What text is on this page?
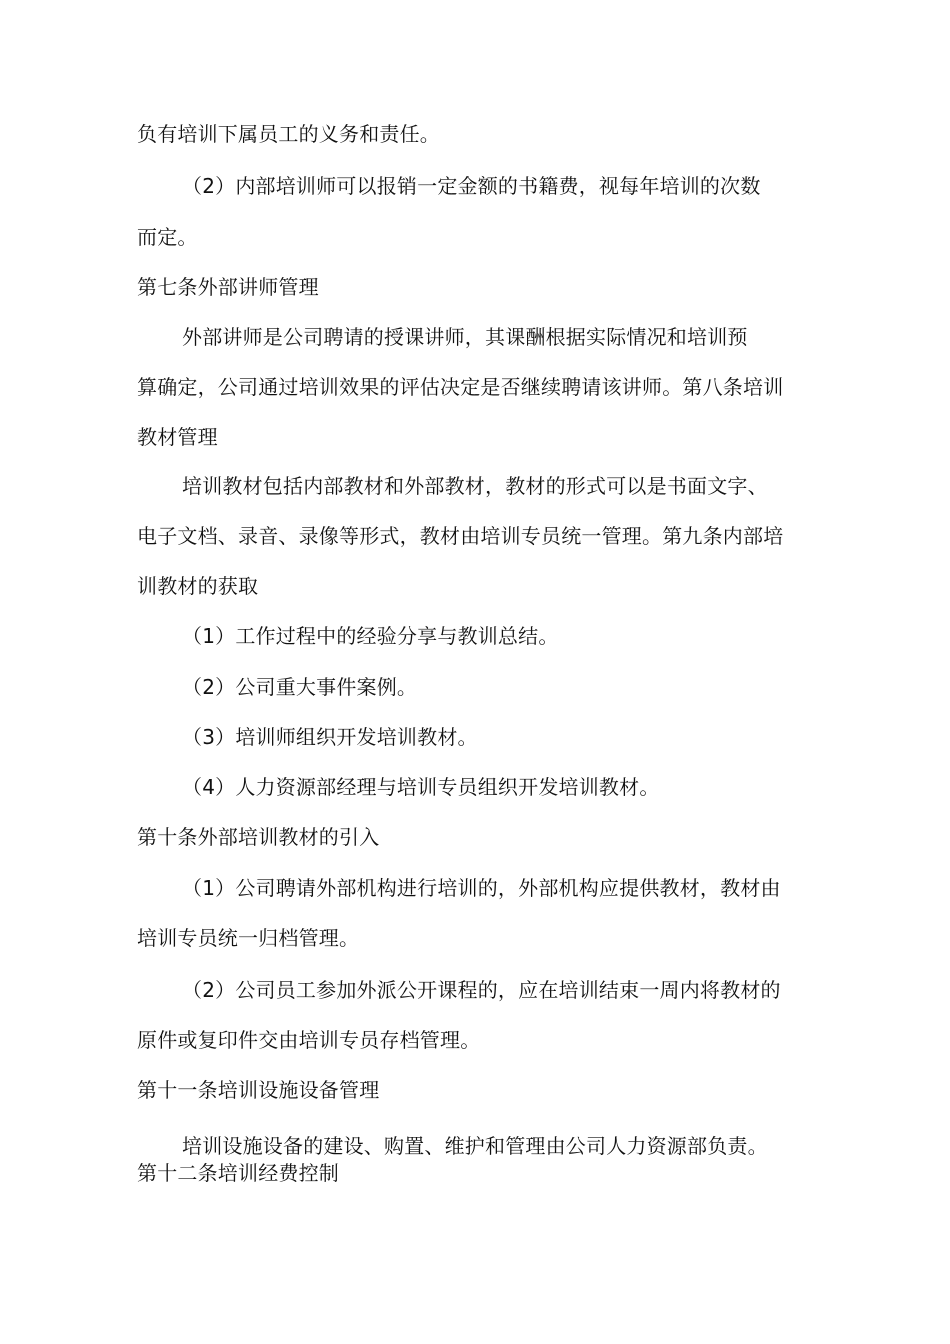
负有培训下属员工的义务和责任。
（2）内部培训师可以报销一定金额的书籍费，视每年培训的次数
而定。
第七条外部讲师管理
外部讲师是公司聘请的授课讲师，其课酬根据实际情况和培训预
算确定，公司通过培训效果的评估决定是否继续聘请该讲师。第八条培训
教材管理
培训教材包括内部教材和外部教材，教材的形式可以是书面文字、
电子文档、录音、录像等形式，教材由培训专员统一管理。第九条内部培
训教材的获取
（1）工作过程中的经验分享与教训总结。
（2）公司重大事件案例。
（3）培训师组织开发培训教材。
（4）人力资源部经理与培训专员组织开发培训教材。
第十条外部培训教材的引入
（1）公司聘请外部机构进行培训的，外部机构应提供教材，教材由
培训专员统一归档管理。
（2）公司员工参加外派公开课程的，应在培训结束一周内将教材的
原件或复印件交由培训专员存档管理。
第十一条培训设施设备管理
培训设施设备的建设、购置、维护和管理由公司人力资源部负责。
第十二条培训经费控制
